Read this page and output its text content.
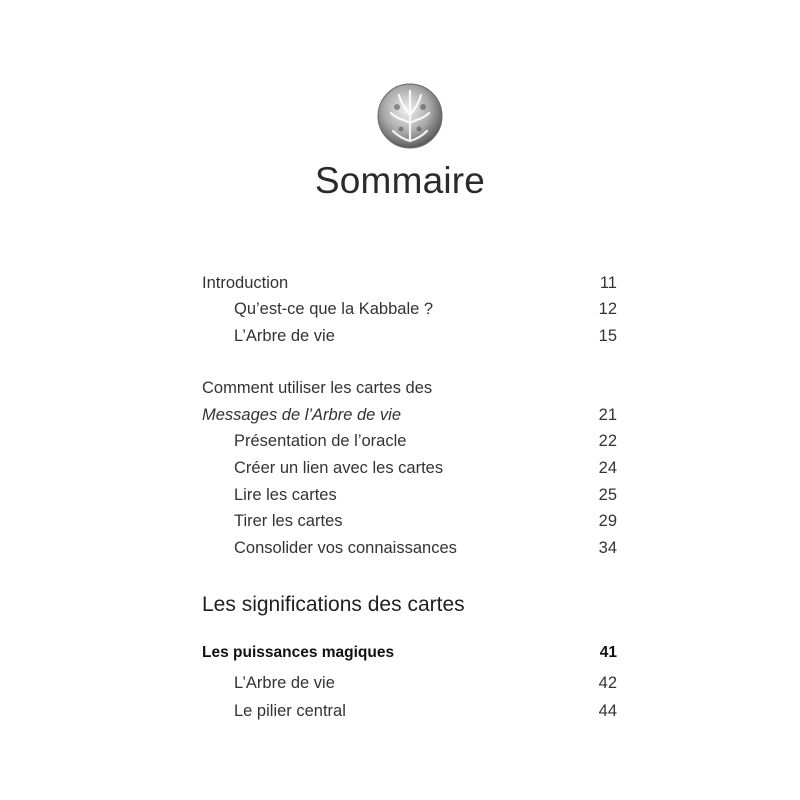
Sommaire
Introduction	11
Qu’est-ce que la Kabbale ?	12
L’Arbre de vie	15
Comment utiliser les cartes des
Messages de l’Arbre de vie	21
Présentation de l’oracle	22
Créer un lien avec les cartes	24
Lire les cartes	25
Tirer les cartes	29
Consolider vos connaissances	34
Les significations des cartes
Les puissances magiques	41
L’Arbre de vie	42
Le pilier central	44
